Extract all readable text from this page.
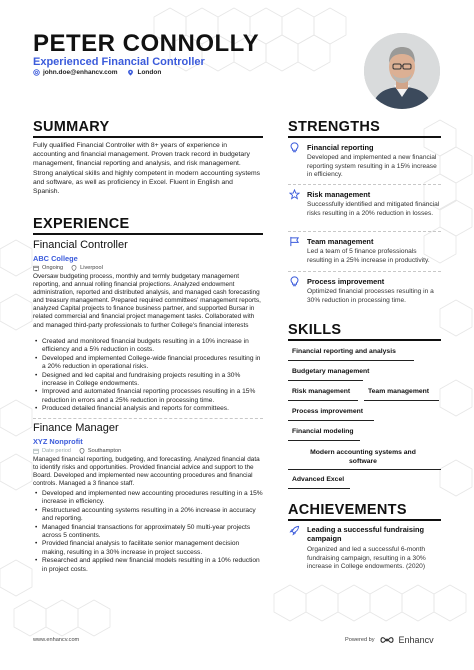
PETER CONNOLLY
Experienced Financial Controller
john.doe@enhancv.com	London
SUMMARY
Fully qualified Financial Controller with 8+ years of experience in accounting and financial management. Proven track record in budgetary management, financial reporting and analysis, and risk management. Strong analytical skills and highly competent in modern accounting systems and software, as well as proficiency in Excel. Fluent in English and Spanish.
EXPERIENCE
Financial Controller
ABC College
Ongoing	Liverpool
Oversaw budgeting process, monthly and termly budgetary management reporting, and annual rolling financial projections. Analyzed endowment administration, reported and distributed analysis, and managed cash forecasting and treasury management. Prepared required committees' management reports, analyzed Capital projects to finance business partner, and supported Bursar in related commercial and financial project management tasks. Collaborated with and managed third-party professionals to further College's financial interests
• Created and monitored financial budgets resulting in a 10% increase in efficiency and a 5% reduction in costs.
• Developed and implemented College-wide financial procedures resulting in a 20% reduction in operational risks.
• Designed and led capital and fundraising projects resulting in a 30% increase in College endowments.
• Improved and automated financial reporting processes resulting in a 15% reduction in errors and a 25% reduction in processing time.
• Produced detailed financial analysis and reports for committees.
Finance Manager
XYZ Nonprofit
Date period	Southampton
Managed financial reporting, budgeting, and forecasting. Analyzed financial data to identify risks and opportunities. Provided financial advice and support to the Board. Developed and implemented new accounting procedures and financial controls. Managed a 3 finance staff.
• Developed and implemented new accounting procedures resulting in a 15% increase in efficiency.
• Restructured accounting systems resulting in a 20% increase in accuracy and reporting.
• Managed financial transactions for approximately 50 multi-year projects across 5 continents.
• Provided financial analysis to facilitate senior management decision making, resulting in a 30% increase in project success.
• Researched and applied new financial models resulting in a 10% reduction in project costs.
STRENGTHS
Financial reporting
Developed and implemented a new financial reporting system resulting in a 15% increase in efficiency.
Risk management
Successfully identified and mitigated financial risks resulting in a 20% reduction in losses.
Team management
Led a team of 5 finance professionals resulting in a 25% increase in productivity.
Process improvement
Optimized financial processes resulting in a 30% reduction in processing time.
SKILLS
Financial reporting and analysis
Budgetary management
Risk management	Team management
Process improvement
Financial modeling
Modern accounting systems and software
Advanced Excel
ACHIEVEMENTS
Leading a successful fundraising campaign
Organized and led a successful 6-month fundraising campaign, resulting in a 30% increase in College endowments. (2020)
www.enhancv.com	Powered by	Enhancv
